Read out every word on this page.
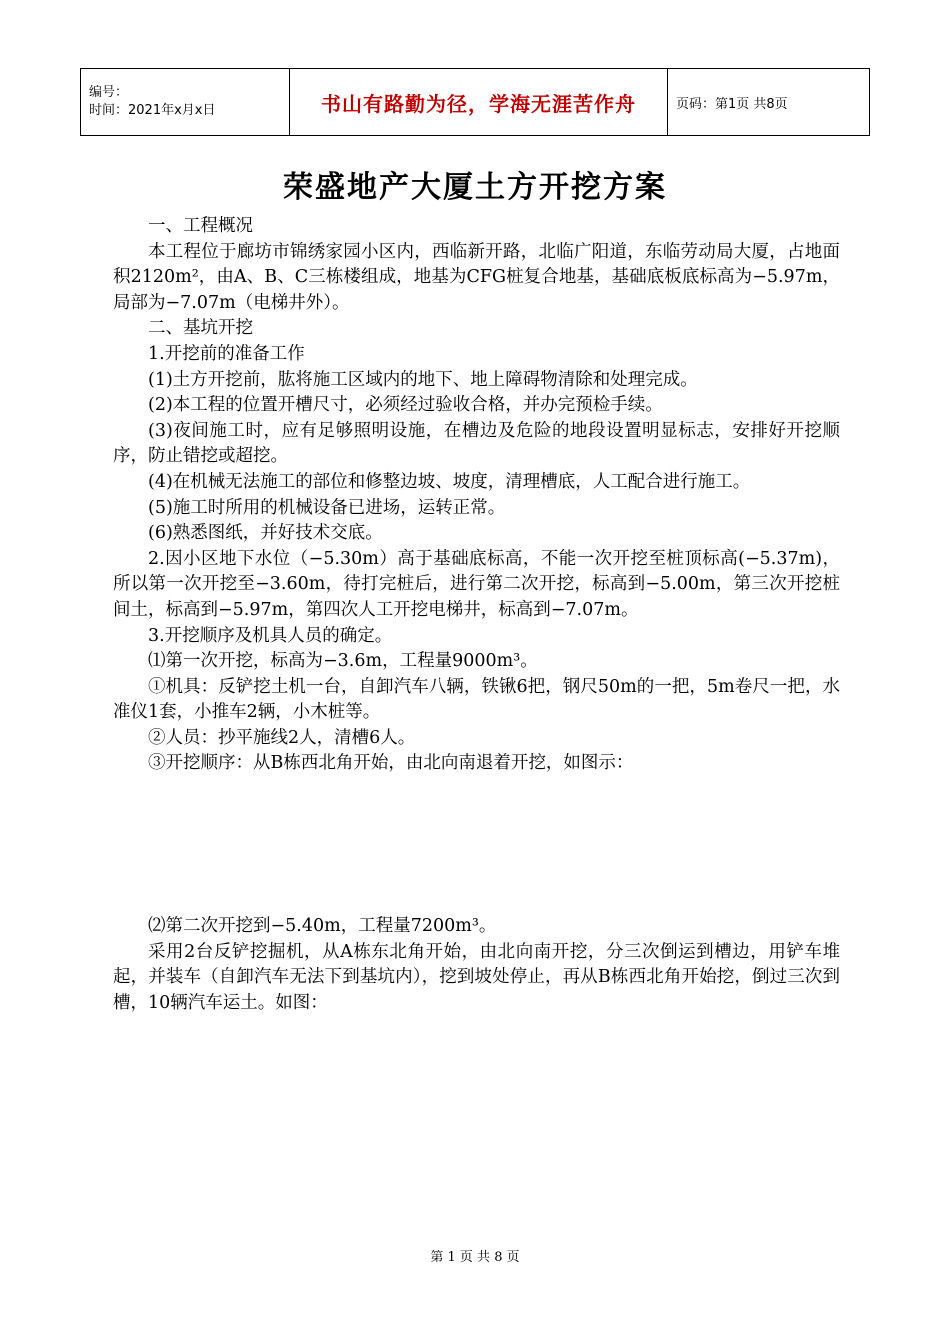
编号：
时间：2021年x月x日	书山有路勤为径，学海无涯苦作舟	页码：第1页 共8页
荣盛地产大厦土方开挖方案

一、工程概况

本工程位于廊坊市锦绣家园小区内，西临新开路，北临广阳道，东临劳动局大厦，占地面积2120m²，由A、B、C三栋楼组成，地基为CFG桩复合地基，基础底板底标高为−5.97m，局部为−7.07m（电梯井外）。

二、基坑开挖

1.开挖前的准备工作

(1)土方开挖前，肱将施工区域内的地下、地上障碍物清除和处理完成。

(2)本工程的位置开槽尺寸，必须经过验收合格，并办完预检手续。

(3)夜间施工时，应有足够照明设施，在槽边及危险的地段设置明显标志，安排好开挖顺序，防止错挖或超挖。

(4)在机械无法施工的部位和修整边坡、坡度，清理槽底，人工配合进行施工。

(5)施工时所用的机械设备已进场，运转正常。

(6)熟悉图纸，并好技术交底。

2.因小区地下水位（−5.30m）高于基础底标高，不能一次开挖至桩顶标高(−5.37m)，所以第一次开挖至−3.60m，待打完桩后，进行第二次开挖，标高到−5.00m，第三次开挖桩间土，标高到−5.97m，第四次人工开挖电梯井，标高到−7.07m。

3.开挖顺序及机具人员的确定。

⑴第一次开挖，标高为−3.6m，工程量9000m³。

①机具：反铲挖土机一台，自卸汽车八辆，铁锹6把，钢尺50m的一把，5m卷尺一把，水准仪1套，小推车2辆，小木桩等。

②人员：抄平施线2人，清槽6人。

③开挖顺序：从B栋西北角开始，由北向南退着开挖，如图示：

⑵第二次开挖到−5.40m，工程量7200m³。

采用2台反铲挖掘机，从A栋东北角开始，由北向南开挖，分三次倒运到槽边，用铲车堆起，并装车（自卸汽车无法下到基坑内），挖到坡处停止，再从B栋西北角开始挖，倒过三次到槽，10辆汽车运土。如图：

第 1 页 共 8 页
